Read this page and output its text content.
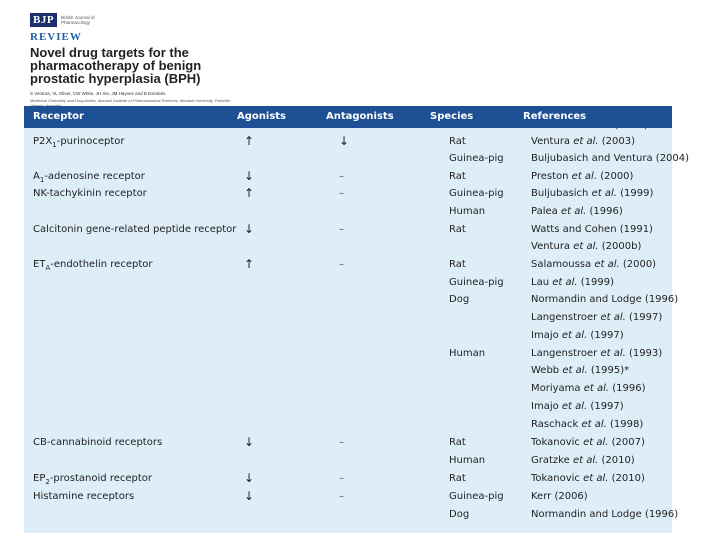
BJP	British Journal of Pharmacology
REVIEW
Novel drug targets for the pharmacotherapy of benign prostatic hyperplasia (BPH)
S Ventura, VL Oliver, CW White, JH Xie, JM Haynes and B Exintaris
Medicinal Chemistry and Drug Action, Monash Institute of Pharmaceutical Sciences, Monash University, Parkville,
Receptor	Agonists	Antagonists	Species	References
$P2X_1$-purinoceptor	↑	↓	Rat	Ventura et al. (2003)
Guinea-pig	Buljubasich and Ventura (2004)
$A_1$-adenosine receptor	↓	–	Rat	Preston et al. (2000)
NK-tachykinin receptor	↑	–	Guinea-pig	Buljubasich et al. (1999)
Human	Palea et al. (1996)
Calcitonin gene-related peptide receptor ↓	–	Rat	Watts and Cohen (1991)
Ventura et al. (2000b)
$ET_A$-endothelin receptor	↑	–	Rat	Salamoussa et al. (2000)
Guinea-pig	Lau et al. (1999)
Dog	Normandin and Lodge (1996)
Langenstroer et al. (1997)
Imajo et al. (1997)
Human	Langenstroer et al. (1993)
Webb et al. (1995)*
Moriyama et al. (1996)
Imajo et al. (1997)
Raschack et al. (1998)
CB-cannabinoid receptors	↓	–	Rat	Tokanovic et al. (2007)
Human	Gratzke et al. (2010)
$EP_2$-prostanoid receptor	↓	–	Rat	Tokanovic et al. (2010)
Histamine receptors	↓	–	Guinea-pig	Kerr (2006)
Dog	Normandin and Lodge (1996)
